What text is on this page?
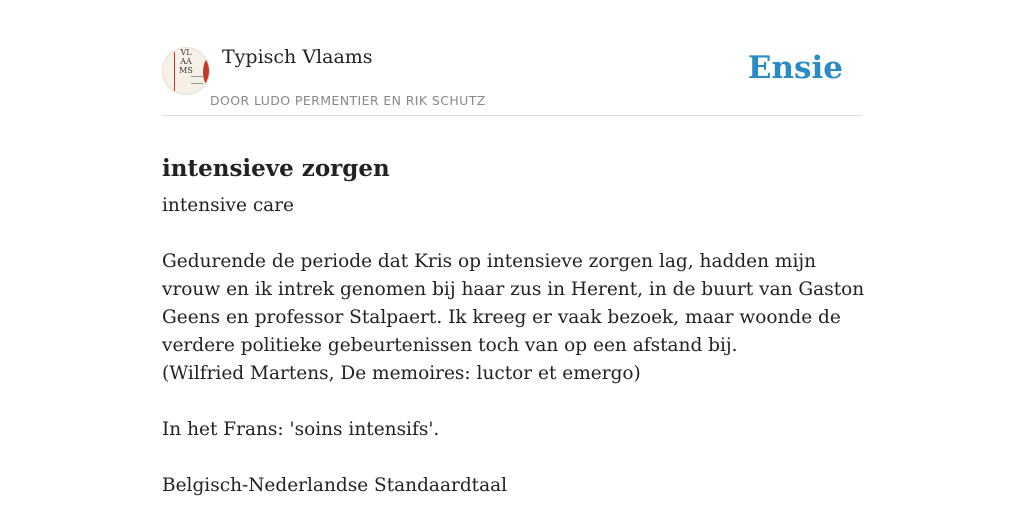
VLAAMS
Typisch Vlaams
DOOR LUDO PERMENTIER EN RIK SCHUTZ
Ensie
intensieve zorgen

intensive care

Gedurende de periode dat Kris op intensieve zorgen lag, hadden mijn vrouw en ik intrek genomen bij haar zus in Herent, in de buurt van Gaston Geens en professor Stalpaert. Ik kreeg er vaak bezoek, maar woonde de verdere politieke gebeurtenissen toch van op een afstand bij.

(Wilfried Martens, De memoires: luctor et emergo)

In het Frans: 'soins intensifs'.

Belgisch-Nederlandse Standaardtaal
